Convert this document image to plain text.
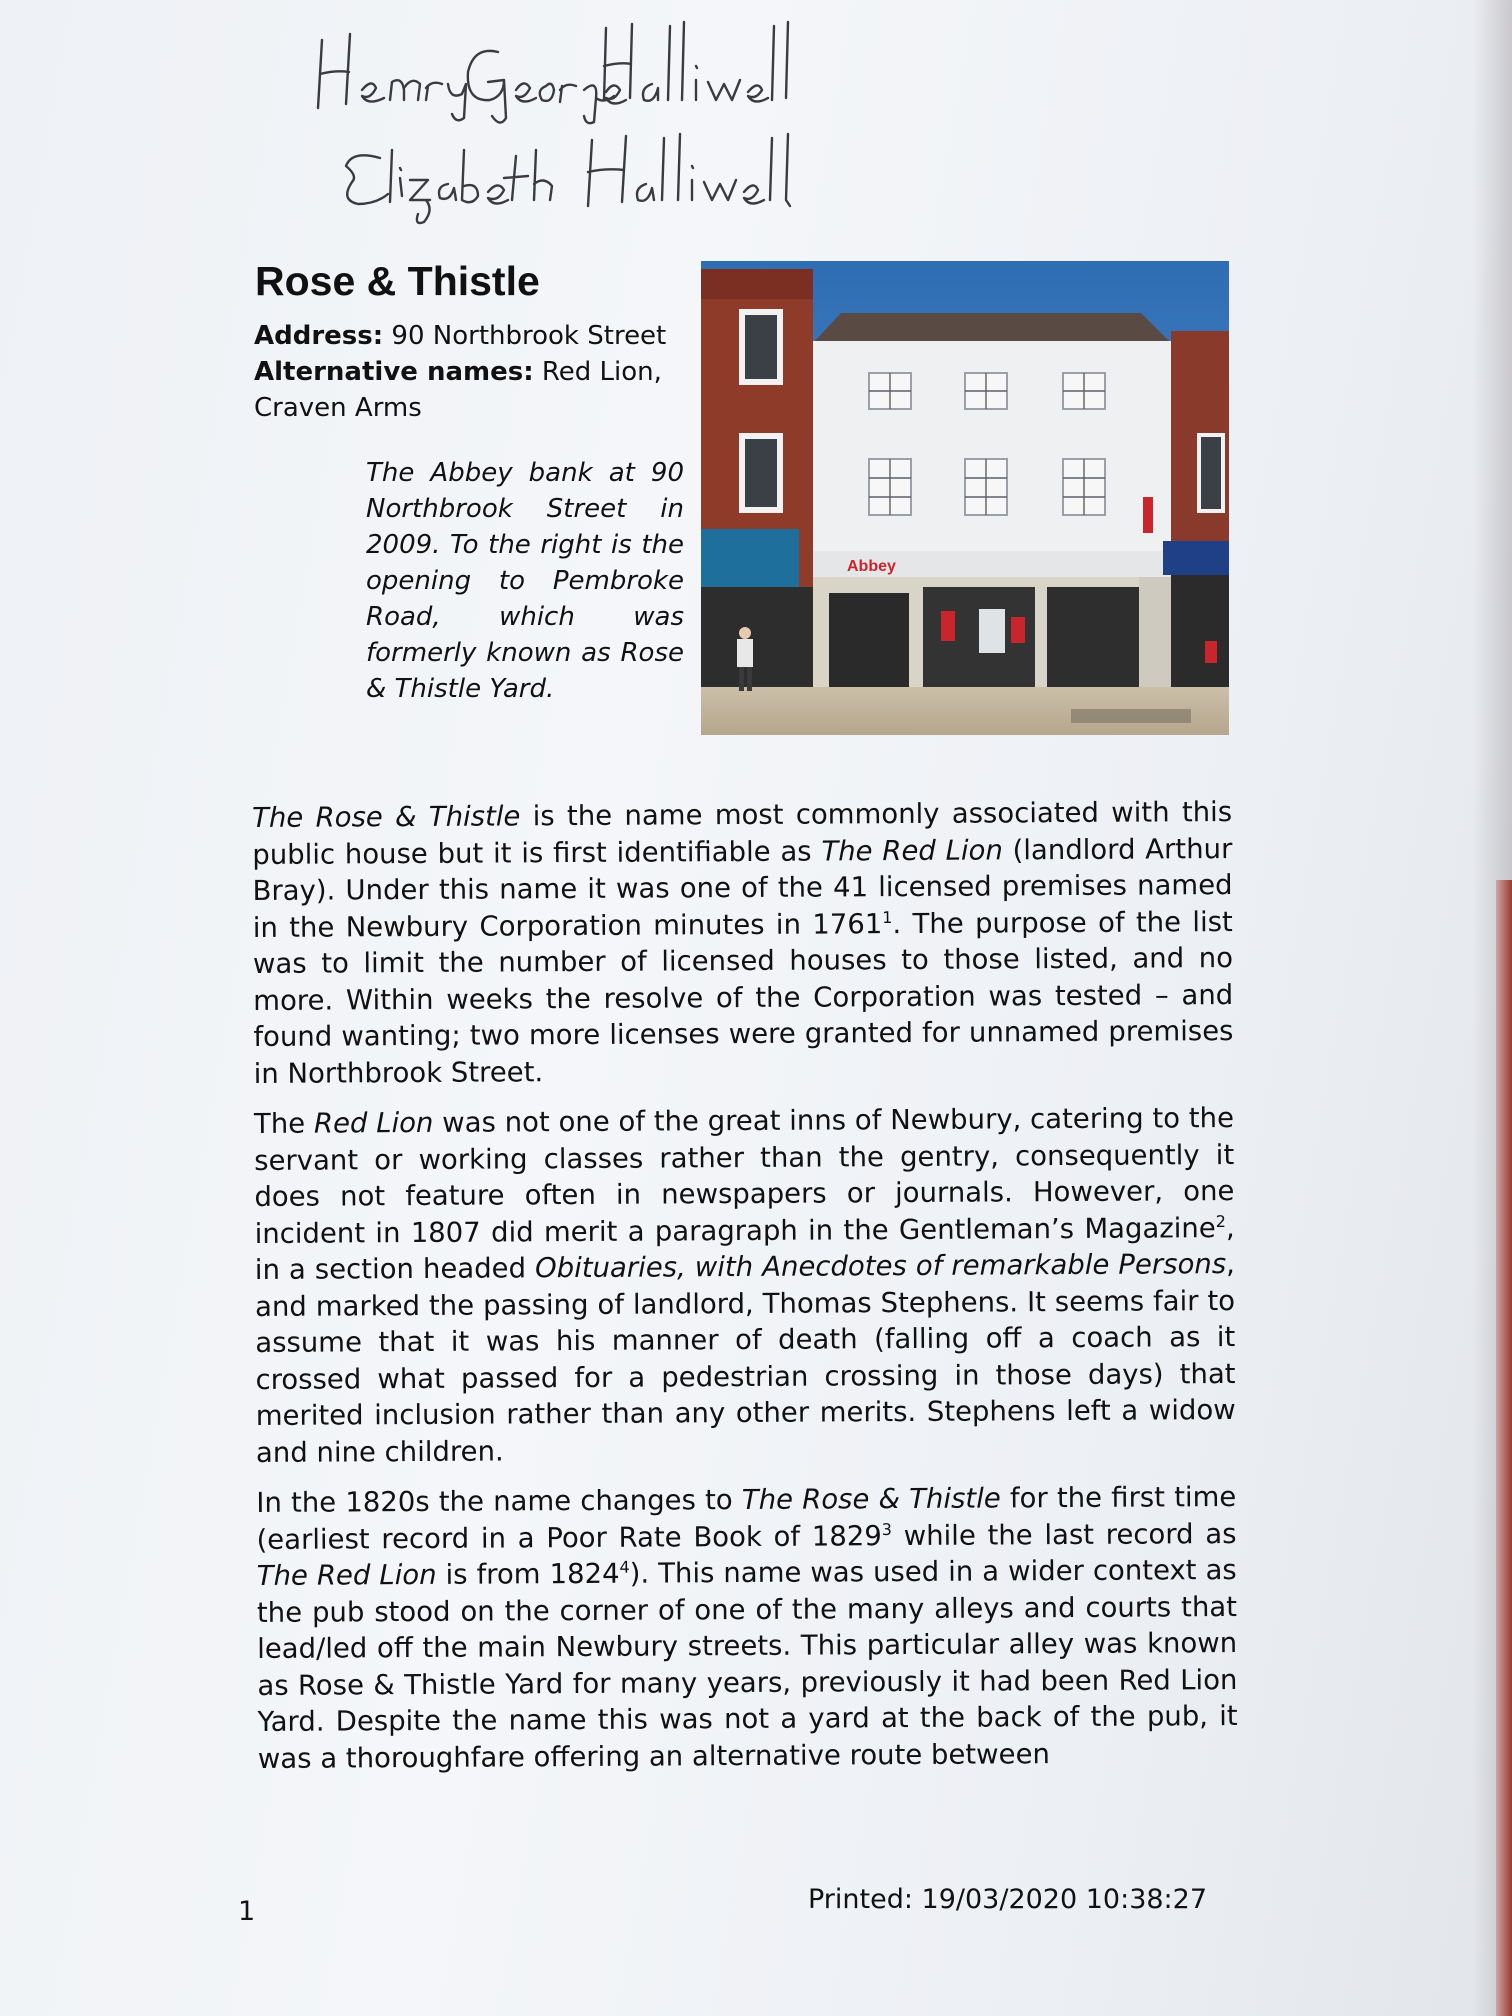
Rose & Thistle
Address: 90 Northbrook Street
Alternative names: Red Lion, Craven Arms
The Abbey bank at 90 Northbrook Street in 2009. To the right is the opening to Pembroke Road, which was formerly known as Rose & Thistle Yard.
Abbey

The Rose & Thistle is the name most commonly associated with this public house but it is first identifiable as The Red Lion (landlord Arthur Bray). Under this name it was one of the 41 licensed premises named in the Newbury Corporation minutes in 1761$^1$. The purpose of the list was to limit the number of licensed houses to those listed, and no more. Within weeks the resolve of the Corporation was tested – and found wanting; two more licenses were granted for unnamed premises in Northbrook Street.

The Red Lion was not one of the great inns of Newbury, catering to the servant or working classes rather than the gentry, consequently it does not feature often in newspapers or journals. However, one incident in 1807 did merit a paragraph in the Gentleman’s Magazine$^2$, in a section headed Obituaries, with Anecdotes of remarkable Persons, and marked the passing of landlord, Thomas Stephens. It seems fair to assume that it was his manner of death (falling off a coach as it crossed what passed for a pedestrian crossing in those days) that merited inclusion rather than any other merits. Stephens left a widow and nine children.

In the 1820s the name changes to The Rose & Thistle for the first time (earliest record in a Poor Rate Book of 1829$^3$ while the last record as The Red Lion is from 1824$^4$). This name was used in a wider context as the pub stood on the corner of one of the many alleys and courts that lead/led off the main Newbury streets. This particular alley was known as Rose & Thistle Yard for many years, previously it had been Red Lion Yard. Despite the name this was not a yard at the back of the pub, it was a thoroughfare offering an alternative route between

1	Printed: 19/03/2020 10:38:27
